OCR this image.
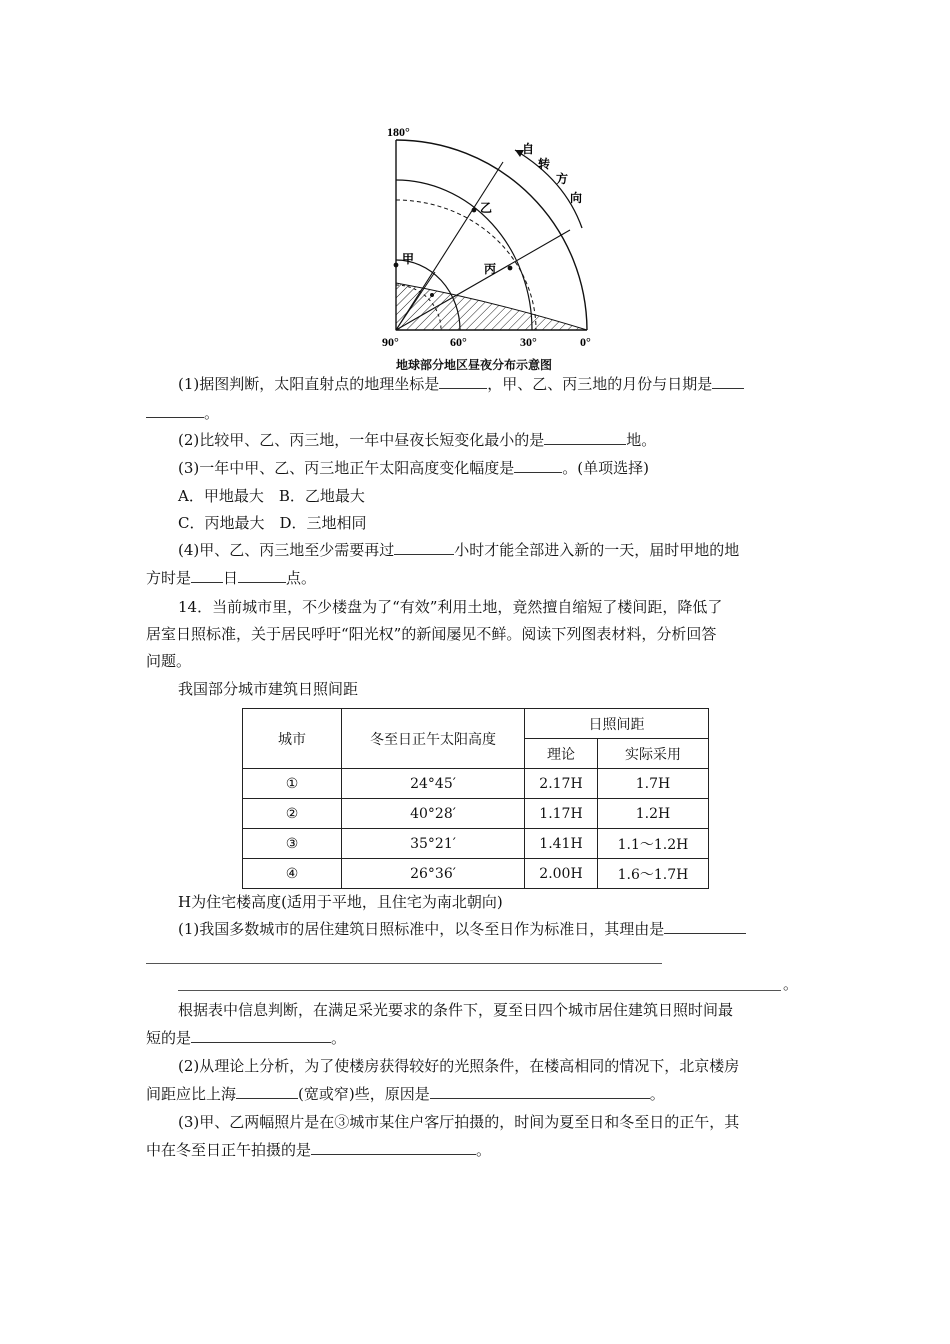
180°
90°	60°	30°	0°
自
转
方
向
甲
乙
丙
地球部分地区昼夜分布示意图
(1)据图判断，太阳直射点的地理坐标是	，甲、乙、丙三地的月份与日期是
。
(2)比较甲、乙、丙三地，一年中昼夜长短变化最小的是	地。
(3)一年中甲、乙、丙三地正午太阳高度变化幅度是	。(单项选择)
A．甲地最大　B．乙地最大
C．丙地最大　D．三地相同
(4)甲、乙、丙三地至少需要再过	小时才能全部进入新的一天，届时甲地的地
方时是 日	点。
14．当前城市里，不少楼盘为了“有效”利用土地，竟然擅自缩短了楼间距，降低了
居室日照标准，关于居民呼吁“阳光权”的新闻屡见不鲜。阅读下列图表材料，分析回答
问题。
我国部分城市建筑日照间距
城市	冬至日正午太阳高度	日照间距	
		理论	实际采用
①	24°45′	2.17H	1.7H
②	40°28′	1.17H	1.2H
③	35°21′	1.41H	1.1～1.2H
④	26°36′	2.00H	1.6～1.7H
H为住宅楼高度(适用于平地，且住宅为南北朝向)
(1)我国多数城市的居住建筑日照标准中，以冬至日作为标准日，其理由是
。
根据表中信息判断，在满足采光要求的条件下，夏至日四个城市居住建筑日照时间最
短的是	。
(2)从理论上分析，为了使楼房获得较好的光照条件，在楼高相同的情况下，北京楼房
间距应比上海	(宽或窄)些，原因是	。
(3)甲、乙两幅照片是在③城市某住户客厅拍摄的，时间为夏至日和冬至日的正午，其
中在冬至日正午拍摄的是	。
